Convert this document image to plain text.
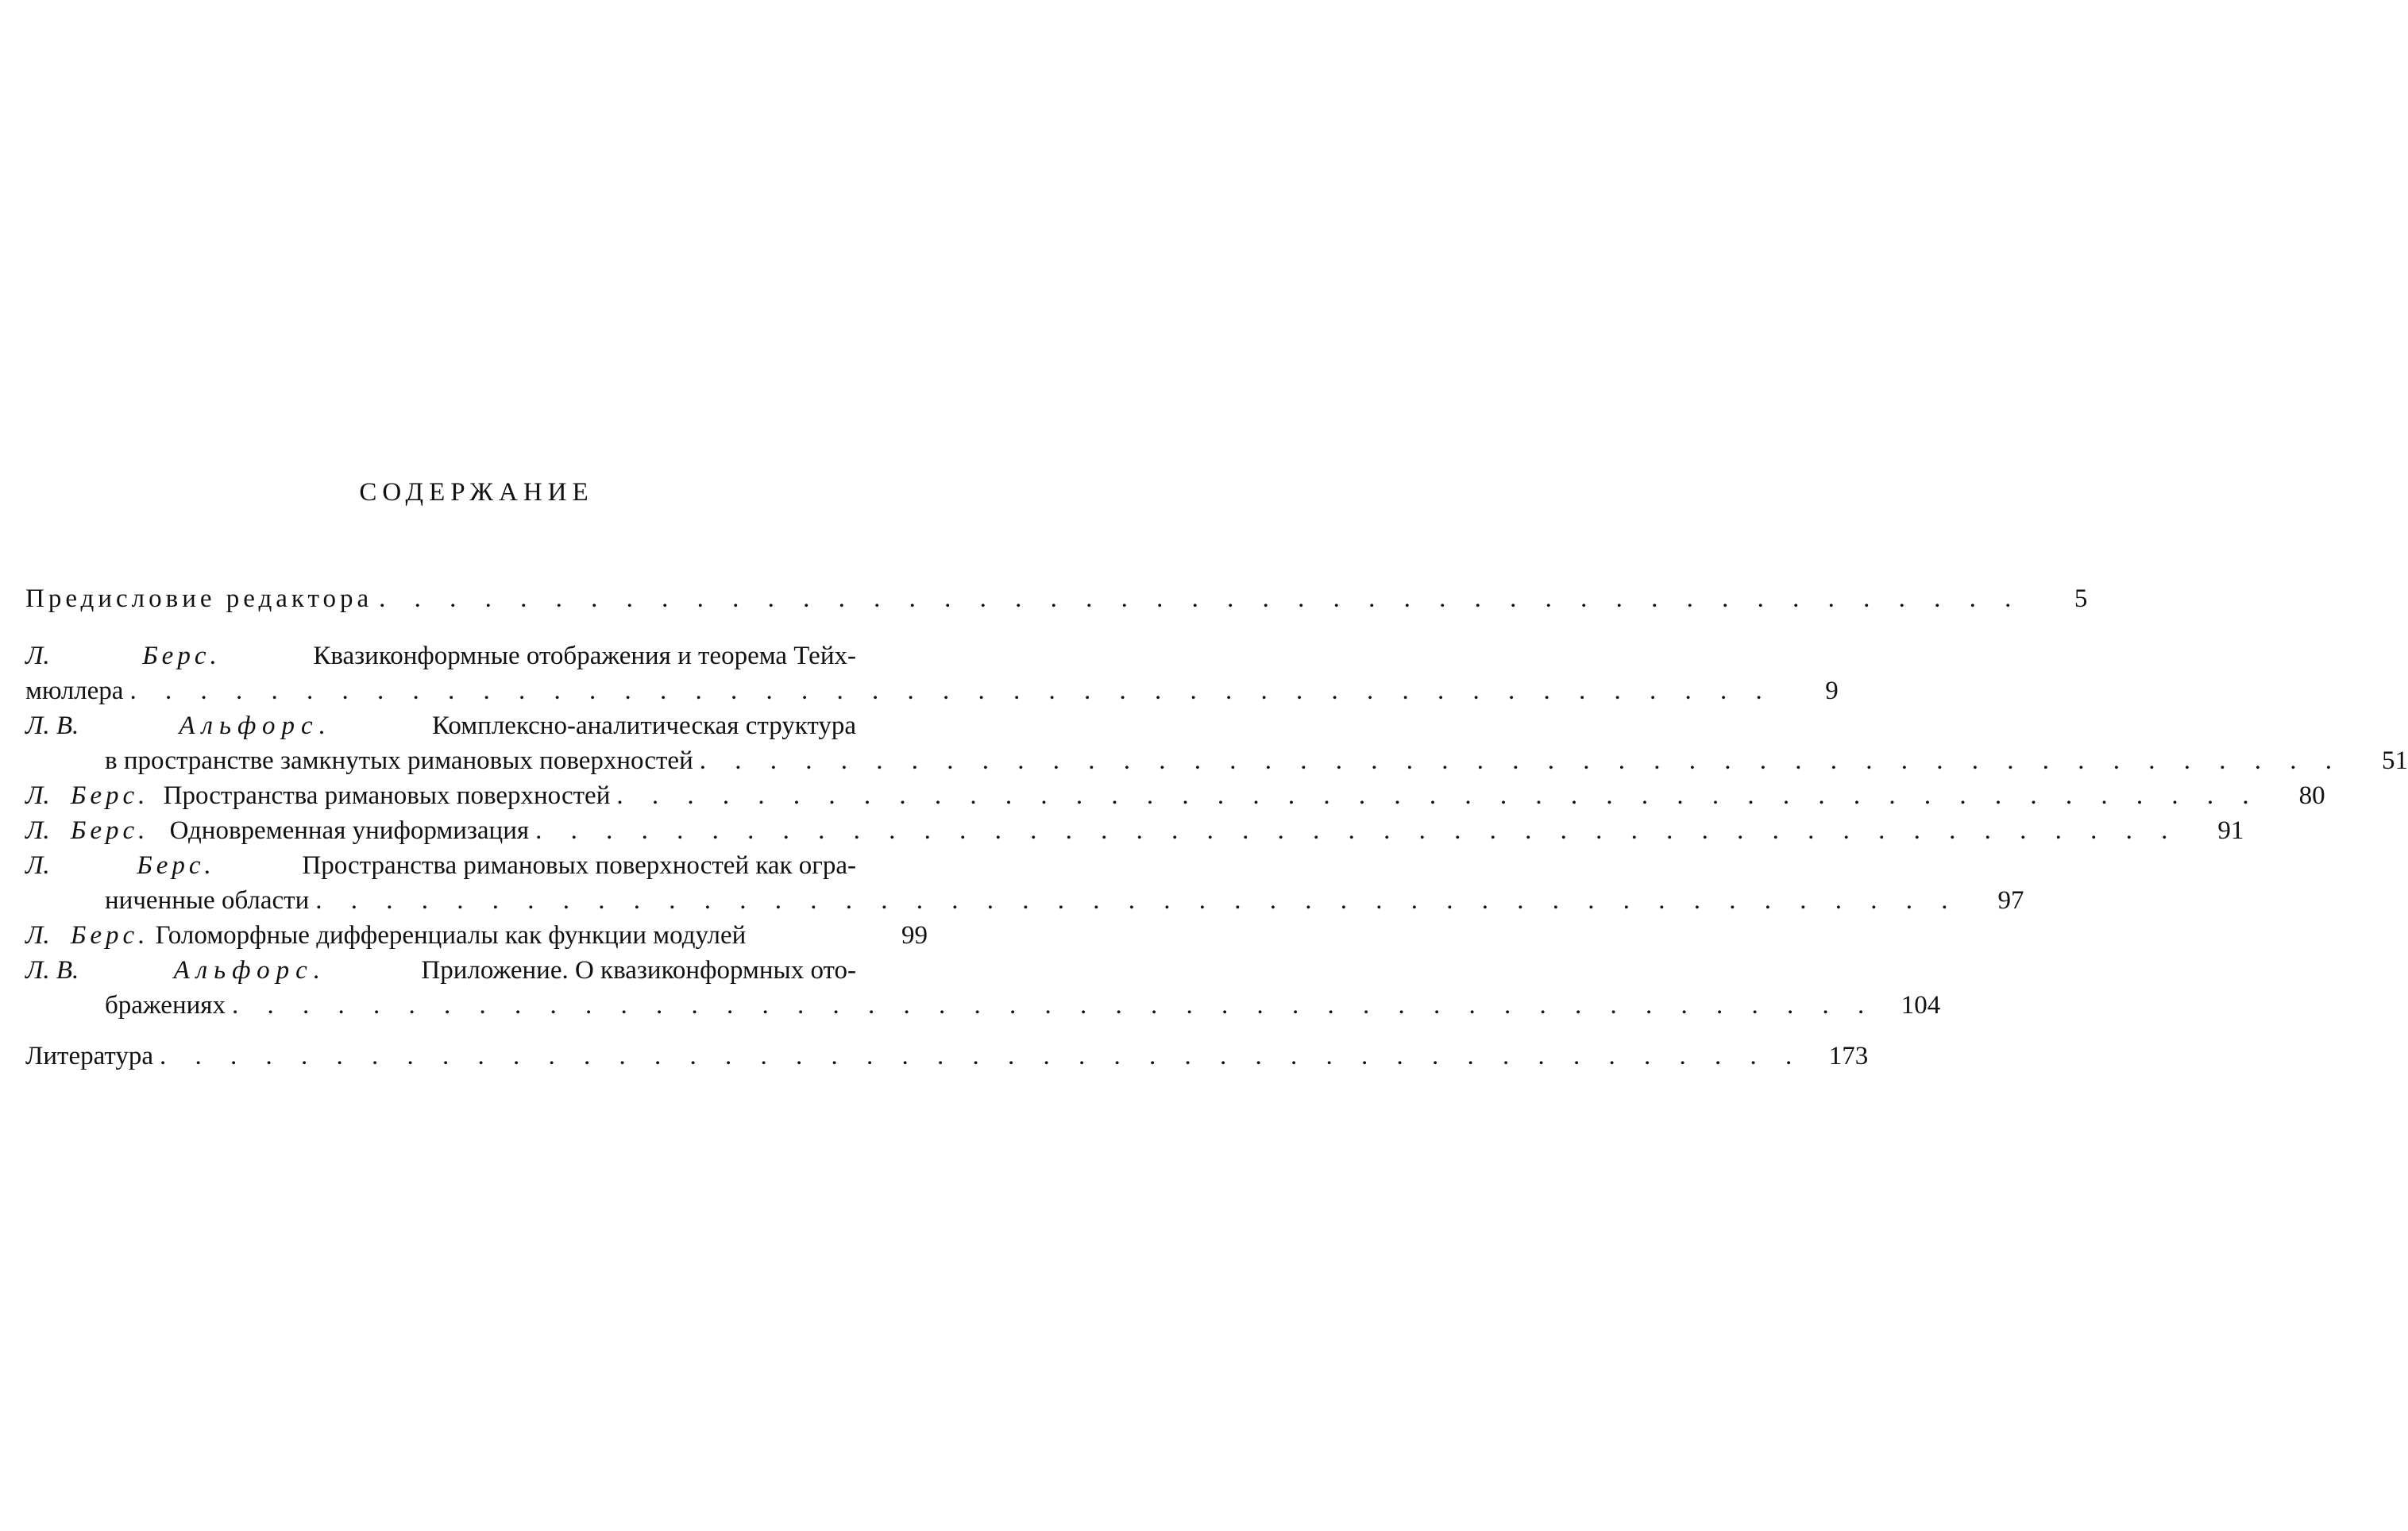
СОДЕРЖАНИЕ
Предисловие редактора . . . . . . . . . . . . . . . . . . . . . . . . . . . . . . . . . . . . . . . . . . . . . . .	5
Л.	Берс.	Квазиконформные отображения и теорема Тейх-
мюллера . . . . . . . . . . . . . . . . . . . . . . . . . . . . . . . . . . . . . . . . . . . . . . .	9
Л. В.	Альфорс.	Комплексно-аналитическая структура
в пространстве замкнутых римановых поверхностей . . . . . . . . . . . . . . . . . . . . . . . . . . . . . . . . . . . . . . . . . . . . . . .	51
Л. Берс. Пространства римановых поверхностей . . . . . . . . . . . . . . . . . . . . . . . . . . . . . . . . . . . . . . . . . . . . . . .	80
Л. Берс. Одновременная униформизация . . . . . . . . . . . . . . . . . . . . . . . . . . . . . . . . . . . . . . . . . . . . . . .	91
Л.	Берс.	Пространства римановых поверхностей как огра-
ниченные области . . . . . . . . . . . . . . . . . . . . . . . . . . . . . . . . . . . . . . . . . . . . . . .	97
Л. Берс. Голоморфные дифференциалы как функции модулей	99
Л. В.	Альфорс.	Приложение. О квазиконформных ото-
бражениях . . . . . . . . . . . . . . . . . . . . . . . . . . . . . . . . . . . . . . . . . . . . . . . 104
Литература . . . . . . . . . . . . . . . . . . . . . . . . . . . . . . . . . . . . . . . . . . . . . . . 173
